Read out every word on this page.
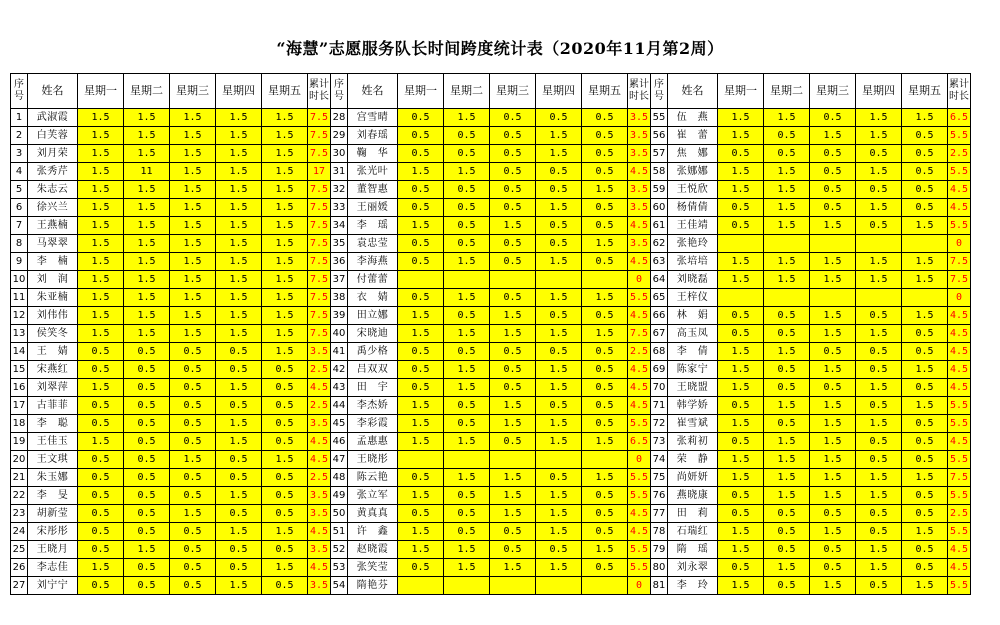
“海慧”志愿服务队长时间跨度统计表（2020年11月第2周）
序号	姓名	星期一	星期二	星期三	星期四	星期五	累计时长	序号	姓名	星期一	星期二	星期三	星期四	星期五	累计时长	序号	姓名	星期一	星期二	星期三	星期四	星期五	累计时长
1	武淑霞	1.5	1.5	1.5	1.5	1.5	7.5	28	宫雪晴	0.5	1.5	0.5	0.5	0.5	3.5	55	伍　燕	1.5	1.5	0.5	1.5	1.5	6.5
2	白芙蓉	1.5	1.5	1.5	1.5	1.5	7.5	29	刘春瑶	0.5	0.5	0.5	1.5	0.5	3.5	56	崔　蕾	1.5	0.5	1.5	1.5	0.5	5.5
3	刘月荣	1.5	1.5	1.5	1.5	1.5	7.5	30	鞠　华	0.5	0.5	0.5	1.5	0.5	3.5	57	焦　娜	0.5	0.5	0.5	0.5	0.5	2.5
4	张秀芹	1.5	11	1.5	1.5	1.5	17	31	张光叶	1.5	1.5	0.5	0.5	0.5	4.5	58	张娜娜	1.5	1.5	0.5	1.5	0.5	5.5
5	朱志云	1.5	1.5	1.5	1.5	1.5	7.5	32	董智惠	0.5	0.5	0.5	0.5	1.5	3.5	59	王悦欣	1.5	1.5	0.5	0.5	0.5	4.5
6	徐兴兰	1.5	1.5	1.5	1.5	1.5	7.5	33	王丽媛	0.5	0.5	0.5	1.5	0.5	3.5	60	杨倩倩	0.5	1.5	0.5	1.5	0.5	4.5
7	王燕楠	1.5	1.5	1.5	1.5	1.5	7.5	34	李　瑶	1.5	0.5	1.5	0.5	0.5	4.5	61	王佳靖	0.5	1.5	1.5	0.5	1.5	5.5
8	马翠翠	1.5	1.5	1.5	1.5	1.5	7.5	35	袁忠莹	0.5	0.5	0.5	0.5	1.5	3.5	62	张艳玲						0
9	李　楠	1.5	1.5	1.5	1.5	1.5	7.5	36	李海燕	0.5	1.5	0.5	1.5	0.5	4.5	63	张培培	1.5	1.5	1.5	1.5	1.5	7.5
10	刘　润	1.5	1.5	1.5	1.5	1.5	7.5	37	付蕾蕾						0	64	刘晓磊	1.5	1.5	1.5	1.5	1.5	7.5
11	朱亚楠	1.5	1.5	1.5	1.5	1.5	7.5	38	衣　婧	0.5	1.5	0.5	1.5	1.5	5.5	65	王梓仪						0
12	刘伟伟	1.5	1.5	1.5	1.5	1.5	7.5	39	田立娜	1.5	0.5	1.5	0.5	0.5	4.5	66	林　娟	0.5	0.5	1.5	0.5	1.5	4.5
13	侯笑冬	1.5	1.5	1.5	1.5	1.5	7.5	40	宋晓迪	1.5	1.5	1.5	1.5	1.5	7.5	67	高玉凤	0.5	0.5	1.5	1.5	0.5	4.5
14	王　婧	0.5	0.5	0.5	0.5	1.5	3.5	41	禹少格	0.5	0.5	0.5	0.5	0.5	2.5	68	李　倩	1.5	1.5	0.5	0.5	0.5	4.5
15	宋燕红	0.5	0.5	0.5	0.5	0.5	2.5	42	吕双双	0.5	1.5	0.5	1.5	0.5	4.5	69	陈家宁	1.5	0.5	1.5	0.5	1.5	4.5
16	刘翠萍	1.5	0.5	0.5	1.5	0.5	4.5	43	田　宇	0.5	1.5	0.5	1.5	0.5	4.5	70	王晓盟	1.5	0.5	0.5	1.5	0.5	4.5
17	古菲菲	0.5	0.5	0.5	0.5	0.5	2.5	44	李杰娇	1.5	0.5	1.5	0.5	0.5	4.5	71	韩学娇	0.5	1.5	1.5	0.5	1.5	5.5
18	李　聪	0.5	0.5	0.5	1.5	0.5	3.5	45	李彩霞	1.5	0.5	1.5	1.5	0.5	5.5	72	崔雪斌	1.5	0.5	1.5	1.5	0.5	5.5
19	王佳玉	1.5	0.5	0.5	1.5	0.5	4.5	46	孟惠惠	1.5	1.5	0.5	1.5	1.5	6.5	73	张莉初	0.5	1.5	1.5	0.5	0.5	4.5
20	王文琪	0.5	0.5	1.5	0.5	1.5	4.5	47	王晓彤						0	74	荣　静	1.5	1.5	1.5	0.5	0.5	5.5
21	朱玉娜	0.5	0.5	0.5	0.5	0.5	2.5	48	陈云艳	0.5	1.5	1.5	0.5	1.5	5.5	75	尚妍妍	1.5	1.5	1.5	1.5	1.5	7.5
22	李　旻	0.5	0.5	0.5	1.5	0.5	3.5	49	张立军	1.5	0.5	1.5	1.5	0.5	5.5	76	燕晓康	0.5	1.5	1.5	1.5	0.5	5.5
23	胡新莹	0.5	0.5	1.5	0.5	0.5	3.5	50	黄真真	0.5	0.5	1.5	1.5	0.5	4.5	77	田　莉	0.5	0.5	0.5	0.5	0.5	2.5
24	宋彤彤	0.5	0.5	0.5	1.5	1.5	4.5	51	许　鑫	1.5	0.5	0.5	1.5	0.5	4.5	78	石瑞红	1.5	0.5	1.5	0.5	1.5	5.5
25	王晓月	0.5	1.5	0.5	0.5	0.5	3.5	52	赵晓霞	1.5	1.5	0.5	0.5	1.5	5.5	79	隋　瑶	1.5	0.5	0.5	1.5	0.5	4.5
26	李志佳	1.5	0.5	0.5	0.5	1.5	4.5	53	张笑莹	0.5	1.5	1.5	1.5	0.5	5.5	80	刘永翠	0.5	1.5	0.5	1.5	0.5	4.5
27	刘宁宁	0.5	0.5	0.5	1.5	0.5	3.5	54	隋艳芬						0	81	李　玲	1.5	0.5	1.5	0.5	1.5	5.5
